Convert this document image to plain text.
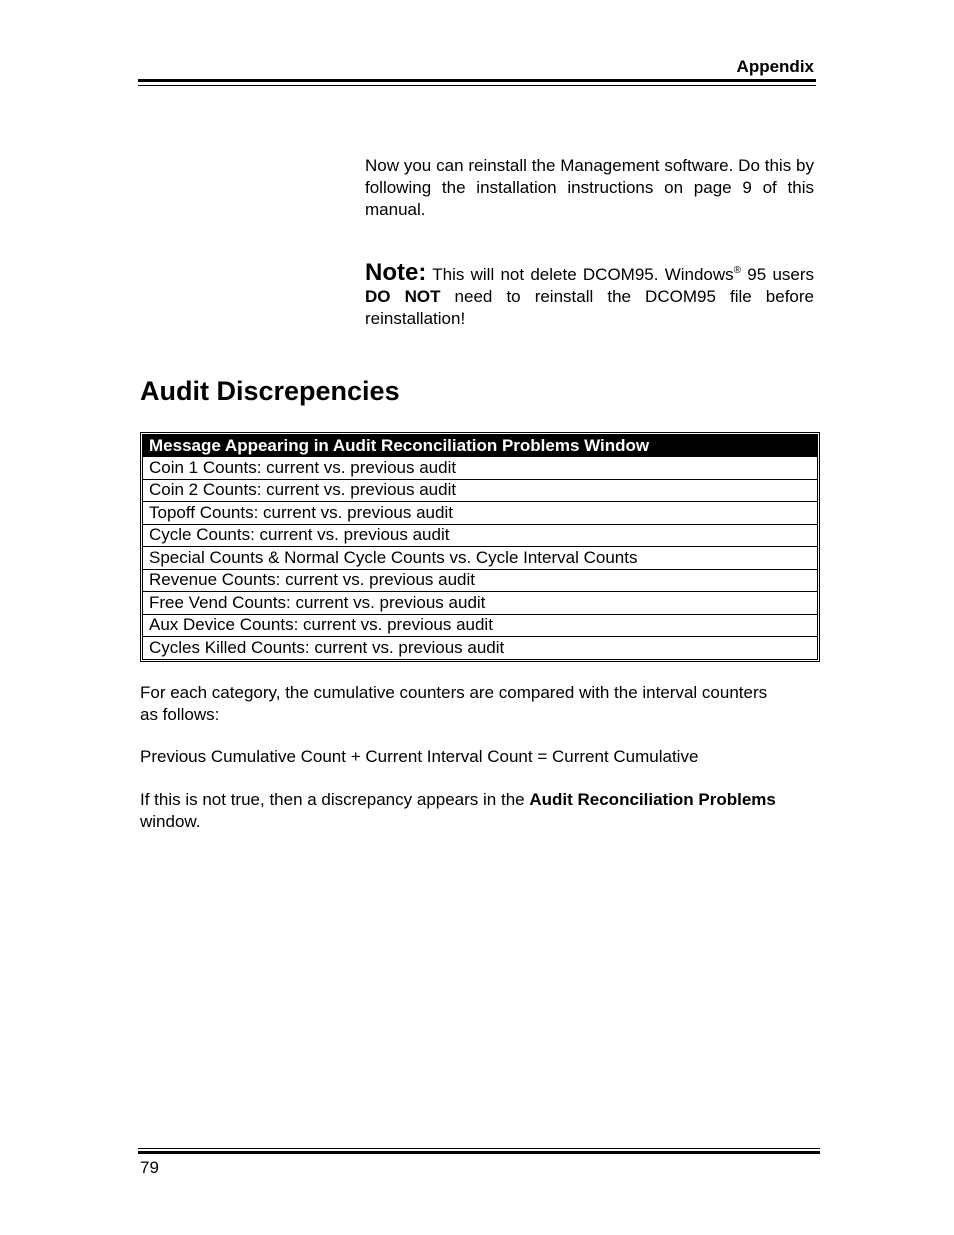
Appendix

Now you can reinstall the Management software. Do this by following the installation instructions on page 9 of this manual.

Note: This will not delete DCOM95. Windows® 95 users DO NOT need to reinstall the DCOM95 file before reinstallation!

Audit Discrepencies
Message Appearing in Audit Reconciliation Problems Window
Coin 1 Counts: current vs. previous audit
Coin 2 Counts: current vs. previous audit
Topoff Counts: current vs. previous audit
Cycle Counts: current vs. previous audit
Special Counts & Normal Cycle Counts vs. Cycle Interval Counts
Revenue Counts: current vs. previous audit
Free Vend Counts: current vs. previous audit
Aux Device Counts: current vs. previous audit
Cycles Killed Counts: current vs. previous audit

For each category, the cumulative counters are compared with the interval counters as follows:

Previous Cumulative Count + Current Interval Count = Current Cumulative

If this is not true, then a discrepancy appears in the Audit Reconciliation Problems window.

79
